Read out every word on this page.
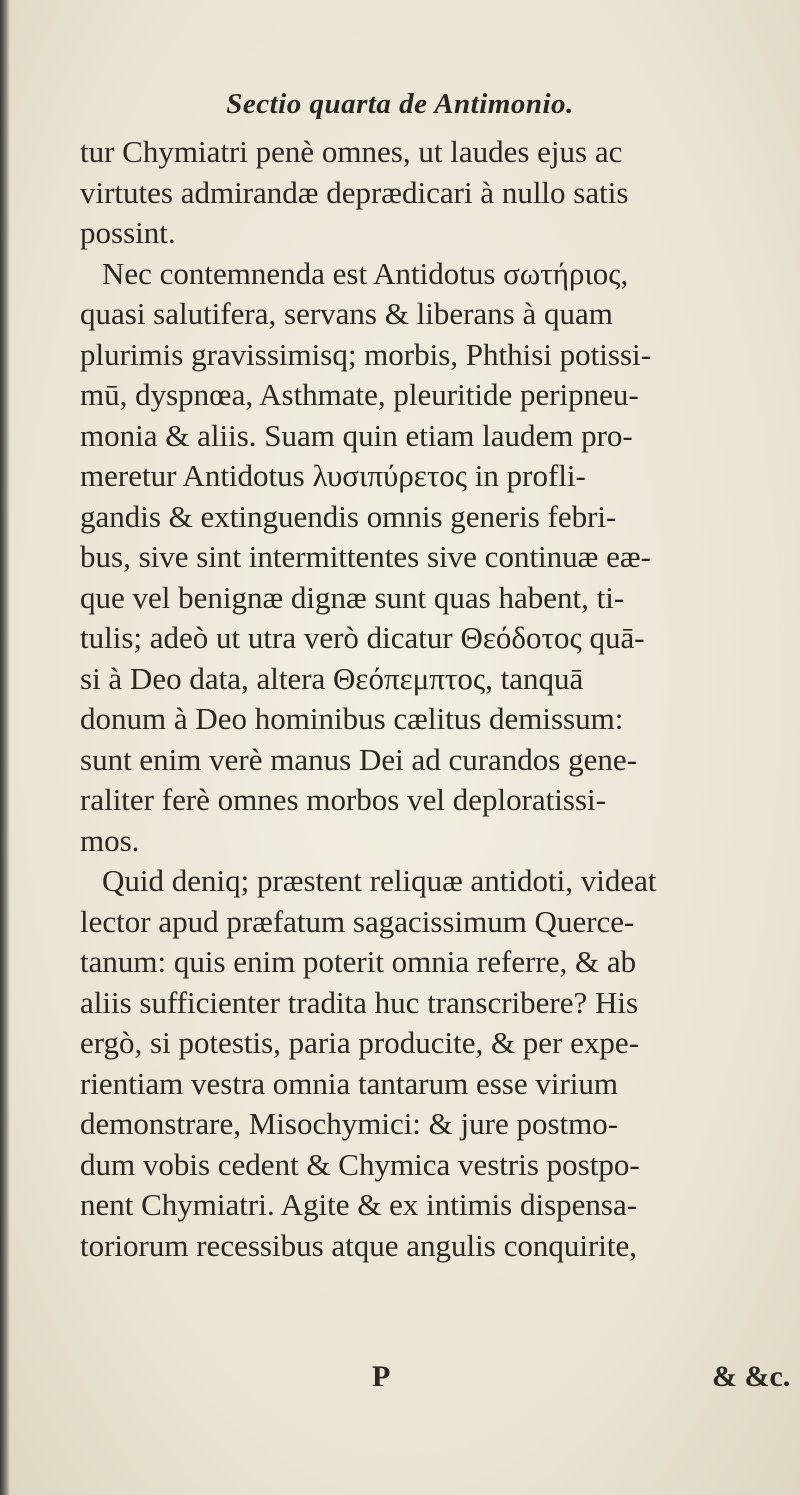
Sectio quarta de Antimonio.
tur Chymiatri penè omnes, ut laudes ejus ac
virtutes admirandæ deprædicari à nullo satis
possint.
Nec contemnenda est Antidotus σωτήριος,
quasi salutifera, servans & liberans à quam
plurimis gravissimisq; morbis, Phthisi potissi-
mū, dyspnœa, Asthmate, pleuritide peripneu-
monia & aliis. Suam quin etiam laudem pro-
meretur Antidotus λυσιπύρετος in profli-
gandis & extinguendis omnis generis febri-
bus, sive sint intermittentes sive continuæ eæ-
que vel benignæ dignæ sunt quas habent, ti-
tulis; adeò ut utra verò dicatur Θεόδοτος quā-
si à Deo data, altera Θεόπεμπτος, tanquā
donum à Deo hominibus cælitus demissum:
sunt enim verè manus Dei ad curandos gene-
raliter ferè omnes morbos vel deploratissi-
mos.
Quid deniq; præstent reliquæ antidoti, videat
lector apud præfatum sagacissimum Querce-
tanum: quis enim poterit omnia referre, & ab
aliis sufficienter tradita huc transcribere? His
ergò, si potestis, paria producite, & per expe-
rientiam vestra omnia tantarum esse virium
demonstrare, Misochymici: & jure postmo-
dum vobis cedent & Chymica vestris postpo-
nent Chymiatri. Agite & ex intimis dispensa-
toriorum recessibus atque angulis conquirite,
P	& &c.
